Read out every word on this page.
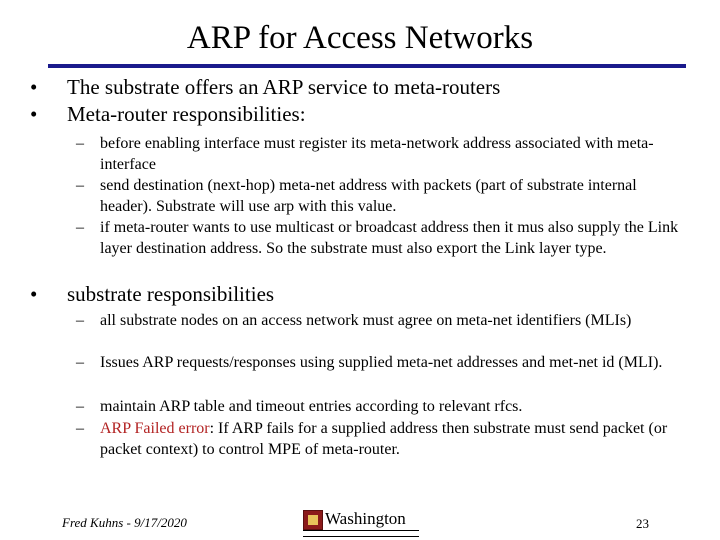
ARP for Access Networks
• The substrate offers an ARP service to meta-routers
• Meta-router responsibilities:
– before enabling interface must register its meta-network address associated with meta-interface
– send destination (next-hop) meta-net address with packets (part of substrate internal header). Substrate will use arp with this value.
– if meta-router wants to use multicast or broadcast address then it mus also supply the Link layer destination address. So the substrate must also export the Link layer type.
• substrate responsibilities
– all substrate nodes on an access network must agree on meta-net identifiers (MLIs)
– Issues ARP requests/responses using supplied meta-net addresses and met-net id (MLI).
– maintain ARP table and timeout entries according to relevant rfcs.
– ARP Failed error: If ARP fails for a supplied address then substrate must send packet (or packet context) to control MPE of meta-router.
Fred Kuhns - 9/17/2020	Washington	23
